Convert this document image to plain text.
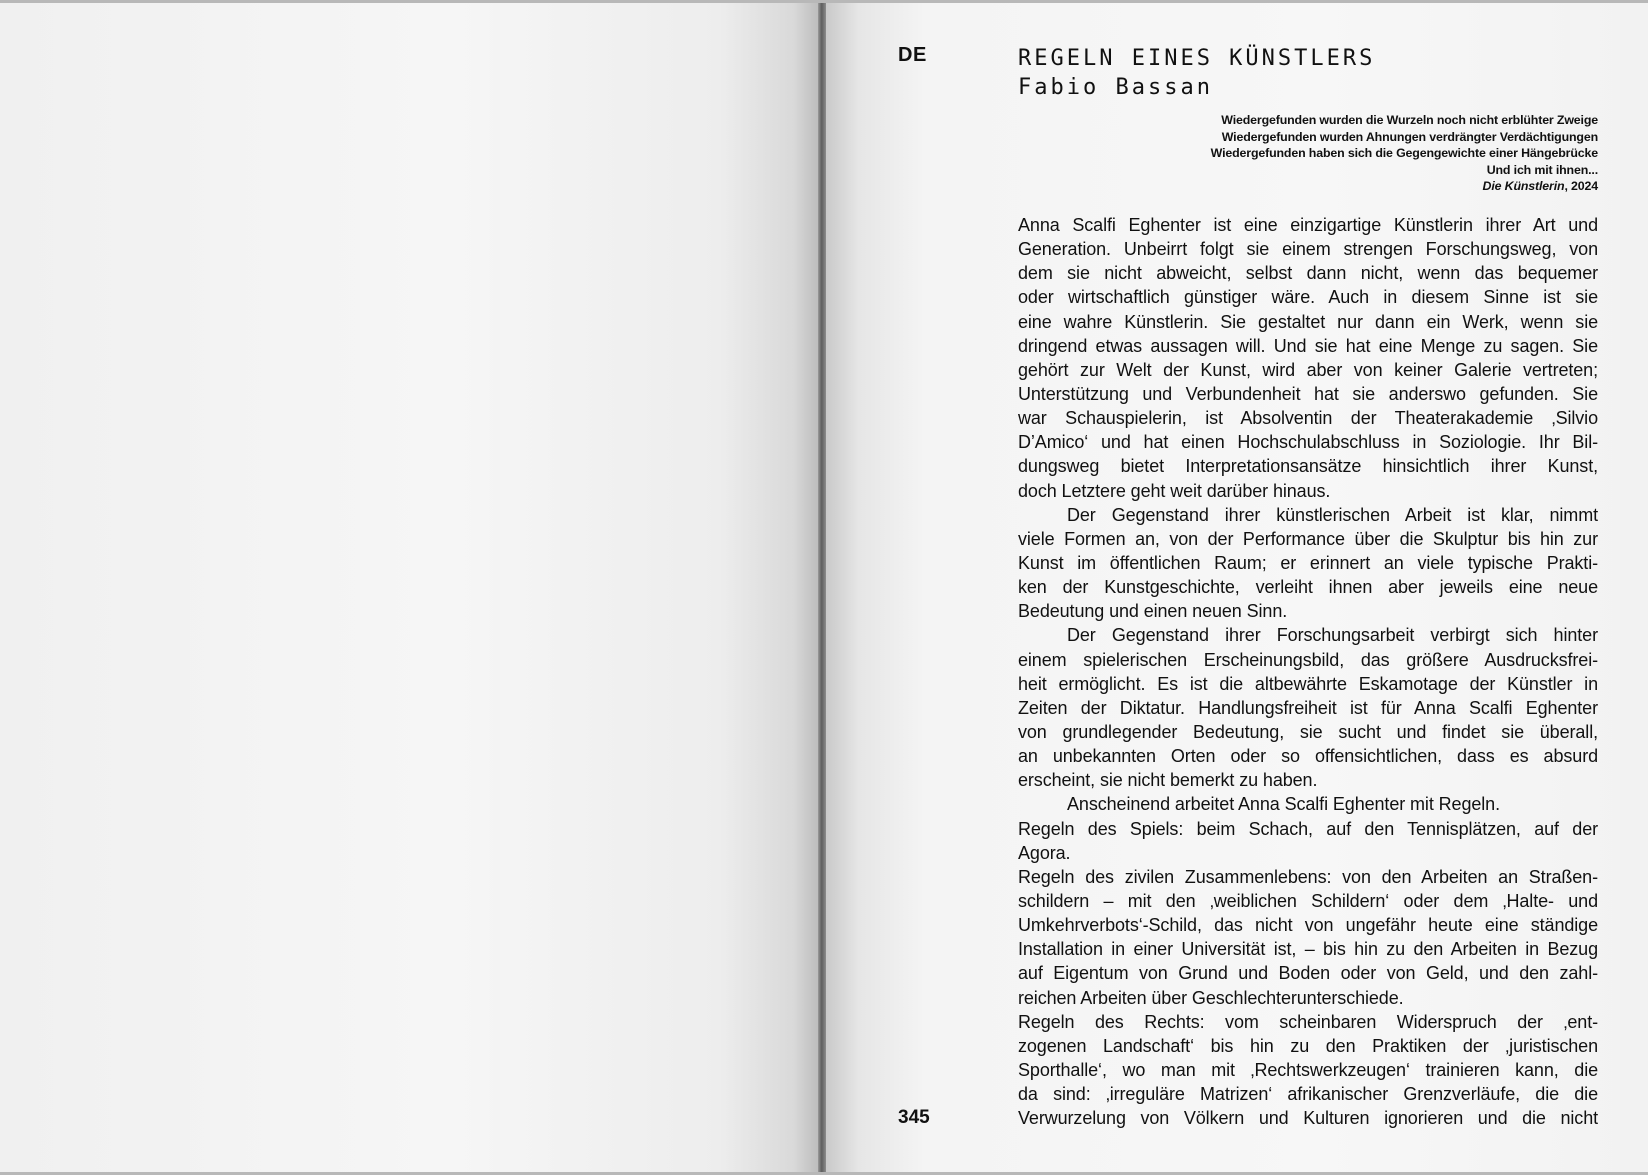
DE	REGELN EINES KÜNSTLERS
Fabio Bassan
Wiedergefunden wurden die Wurzeln noch nicht erblühter Zweige
Wiedergefunden wurden Ahnungen verdrängter Verdächtigungen
Wiedergefunden haben sich die Gegengewichte einer Hängebrücke
Und ich mit ihnen...
Die Künstlerin, 2024
Anna Scalfi Eghenter ist eine einzigartige Künstlerin ihrer Art und
Generation. Unbeirrt folgt sie einem strengen Forschungsweg, von
dem sie nicht abweicht, selbst dann nicht, wenn das bequemer
oder wirtschaftlich günstiger wäre. Auch in diesem Sinne ist sie
eine wahre Künstlerin. Sie gestaltet nur dann ein Werk, wenn sie
dringend etwas aussagen will. Und sie hat eine Menge zu sagen. Sie
gehört zur Welt der Kunst, wird aber von keiner Galerie vertreten;
Unterstützung und Verbundenheit hat sie anderswo gefunden. Sie
war Schauspielerin, ist Absolventin der Theaterakademie ‚Silvio
D’Amico‘ und hat einen Hochschulabschluss in Soziologie. Ihr Bil-
dungsweg bietet Interpretationsansätze hinsichtlich ihrer Kunst,
doch Letztere geht weit darüber hinaus.
Der Gegenstand ihrer künstlerischen Arbeit ist klar, nimmt
viele Formen an, von der Performance über die Skulptur bis hin zur
Kunst im öffentlichen Raum; er erinnert an viele typische Prakti-
ken der Kunstgeschichte, verleiht ihnen aber jeweils eine neue
Bedeutung und einen neuen Sinn.
Der Gegenstand ihrer Forschungsarbeit verbirgt sich hinter
einem spielerischen Erscheinungsbild, das größere Ausdrucksfrei-
heit ermöglicht. Es ist die altbewährte Eskamotage der Künstler in
Zeiten der Diktatur. Handlungsfreiheit ist für Anna Scalfi Eghenter
von grundlegender Bedeutung, sie sucht und findet sie überall,
an unbekannten Orten oder so offensichtlichen, dass es absurd
erscheint, sie nicht bemerkt zu haben.
Anscheinend arbeitet Anna Scalfi Eghenter mit Regeln.
Regeln des Spiels: beim Schach, auf den Tennisplätzen, auf der
Agora.
Regeln des zivilen Zusammenlebens: von den Arbeiten an Straßen-
schildern – mit den ‚weiblichen Schildern‘ oder dem ‚Halte- und
Umkehrverbots‘-Schild, das nicht von ungefähr heute eine ständige
Installation in einer Universität ist, – bis hin zu den Arbeiten in Bezug
auf Eigentum von Grund und Boden oder von Geld, und den zahl-
reichen Arbeiten über Geschlechterunterschiede.
Regeln des Rechts: vom scheinbaren Widerspruch der ‚ent-
zogenen Landschaft‘ bis hin zu den Praktiken der ‚juristischen
Sporthalle‘, wo man mit ‚Rechtswerkzeugen‘ trainieren kann, die
da sind: ‚irreguläre Matrizen‘ afrikanischer Grenzverläufe, die die
Verwurzelung von Völkern und Kulturen ignorieren und die nicht
345
